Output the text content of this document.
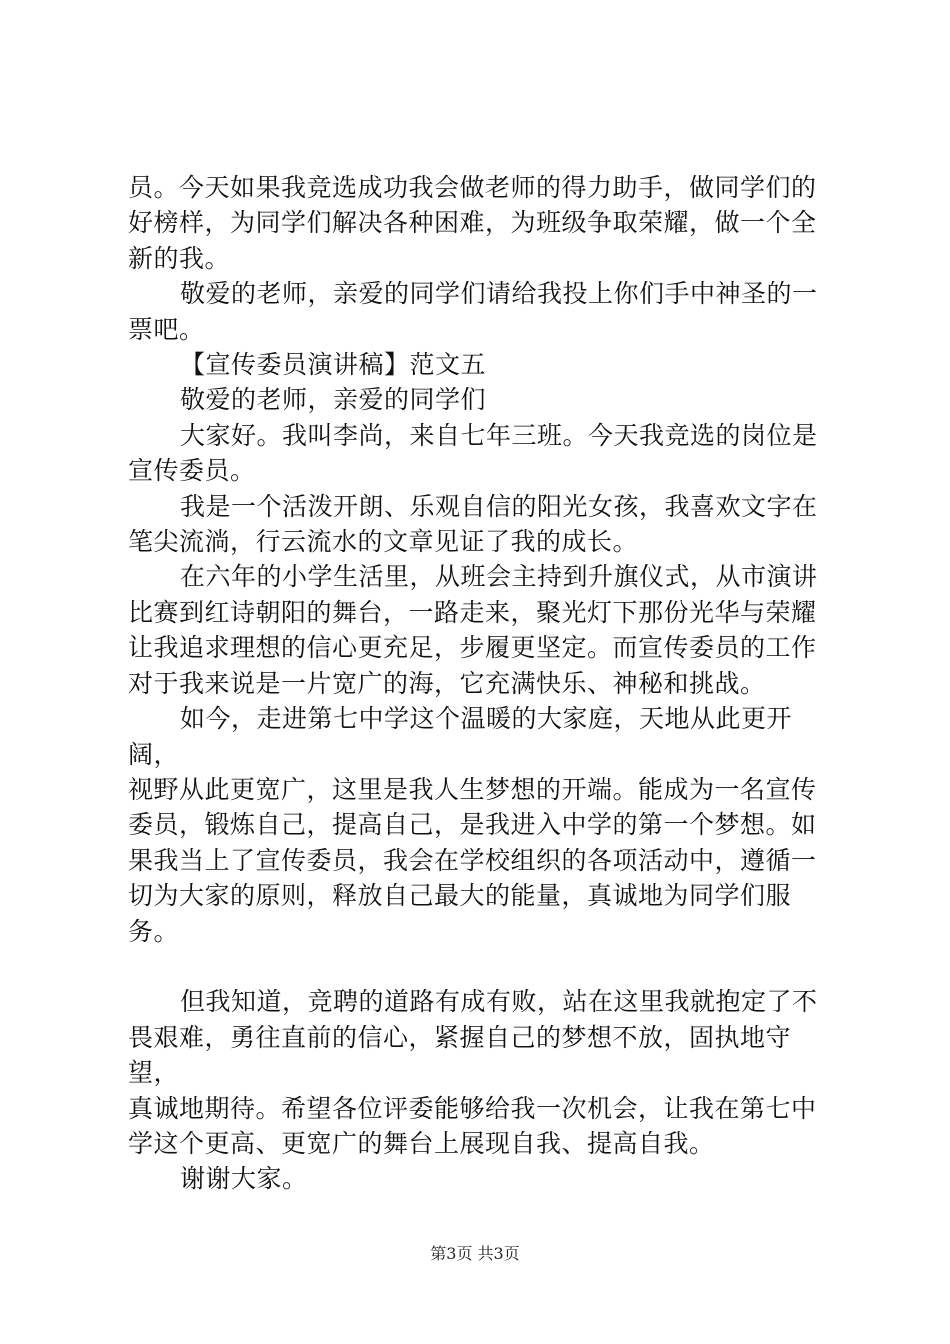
员。今天如果我竞选成功我会做老师的得力助手，做同学们的

好榜样，为同学们解决各种困难，为班级争取荣耀，做一个全

新的我。

敬爱的老师，亲爱的同学们请给我投上你们手中神圣的一

票吧。

【宣传委员演讲稿】范文五

敬爱的老师，亲爱的同学们

大家好。我叫李尚，来自七年三班。今天我竞选的岗位是

宣传委员。

我是一个活泼开朗、乐观自信的阳光女孩，我喜欢文字在

笔尖流淌，行云流水的文章见证了我的成长。

在六年的小学生活里，从班会主持到升旗仪式，从市演讲

比赛到红诗朝阳的舞台，一路走来，聚光灯下那份光华与荣耀

让我追求理想的信心更充足，步履更坚定。而宣传委员的工作

对于我来说是一片宽广的海，它充满快乐、神秘和挑战。

如今，走进第七中学这个温暖的大家庭，天地从此更开阔，

视野从此更宽广，这里是我人生梦想的开端。能成为一名宣传

委员，锻炼自己，提高自己，是我进入中学的第一个梦想。如

果我当上了宣传委员，我会在学校组织的各项活动中，遵循一

切为大家的原则，释放自己最大的能量，真诚地为同学们服务。

但我知道，竞聘的道路有成有败，站在这里我就抱定了不

畏艰难，勇往直前的信心，紧握自己的梦想不放，固执地守望，

真诚地期待。希望各位评委能够给我一次机会，让我在第七中

学这个更高、更宽广的舞台上展现自我、提高自我。

谢谢大家。

第3页 共3页
